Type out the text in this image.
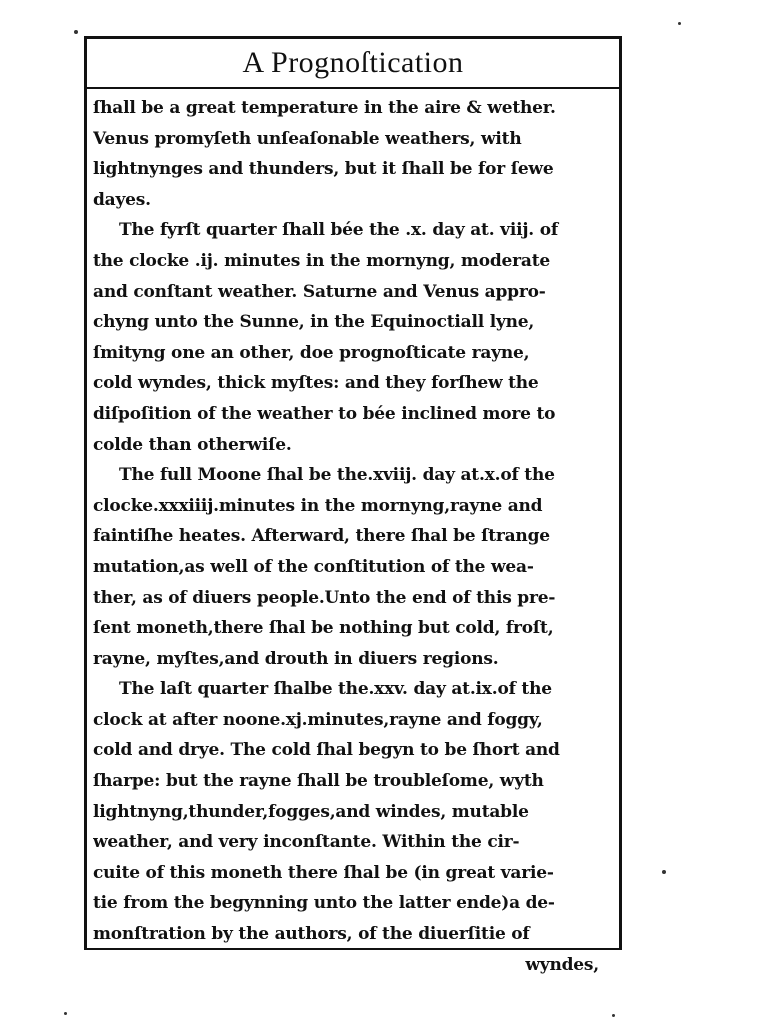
A Prognoſtication
ſhall be a great temperature in the aire & wether.
Venus promyſeth unſeaſonable weathers, with
lightnynges and thunders, but it ſhall be for ſewe
dayes.
The fyrſt quarter ſhall bée the .x. day at. viij. of
the clocke .ij. minutes in the mornyng, moderate
and conſtant weather. Saturne and Venus appro-
chyng unto the Sunne, in the Equinoctiall lyne,
ſmityng one an other, doe prognoſticate rayne,
cold wyndes, thick myſtes: and they forſhew the
diſpoſition of the weather to bée inclined more to
colde than otherwiſe.
The full Moone ſhal be the.xviij. day at.x.of the
clocke.xxxiiij.minutes in the mornyng,rayne and
faintiſhe heates. Afterward, there ſhal be ſtrange
mutation,as well of the conſtitution of the wea-
ther, as of diuers people.Unto the end of this pre-
ſent moneth,there ſhal be nothing but cold, froſt,
rayne, myſtes,and drouth in diuers regions.
The laſt quarter ſhalbe the.xxv. day at.ix.of the
clock at after noone.xj.minutes,rayne and foggy,
cold and drye. The cold ſhal begyn to be ſhort and
ſharpe: but the rayne ſhall be troubleſome, wyth
lightnyng,thunder,fogges,and windes, mutable
weather, and very inconſtante. Within the cir-
cuite of this moneth there ſhal be (in great varie-
tie from the begynning unto the latter ende)a de-
monſtration by the authors, of the diuerſitie of
wyndes,
